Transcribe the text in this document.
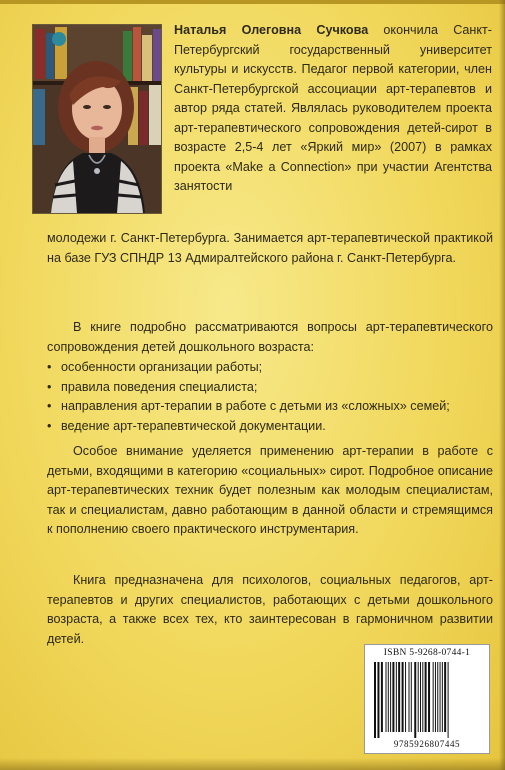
Наталья Олеговна Сучкова окончила Санкт-Петербургский государственный университет культуры и искусств. Педагог первой категории, член Санкт-Петербургской ассоциации арт-терапевтов и автор ряда статей. Являлась руководителем проекта арт-терапевтического сопровождения детей-сирот в возрасте 2,5-4 лет «Яркий мир» (2007) в рамках проекта «Make a Connection» при участии Агентства занятости
молодежи г. Санкт-Петербурга. Занимается арт-терапевтической практикой на базе ГУЗ СПНДР 13 Адмиралтейского района г. Санкт-Петербурга.
В книге подробно рассматриваются вопросы арт-терапевтического сопровождения детей дошкольного возраста:
• особенности организации работы;
• правила поведения специалиста;
• направления арт-терапии в работе с детьми из «сложных» семей;
• ведение арт-терапевтической документации.
Особое внимание уделяется применению арт-терапии в работе с детьми, входящими в категорию «социальных» сирот. Подробное описание арт-терапевтических техник будет полезным как молодым специалистам, так и специалистам, давно работающим в данной области и стремящимся к пополнению своего практического инструментария.
Книга предназначена для психологов, социальных педагогов, арт-терапевтов и других специалистов, работающих с детьми дошкольного возраста, а также всех тех, кто заинтересован в гармоничном развитии детей.
ISBN 5-9268-0744-1
9785926807445
